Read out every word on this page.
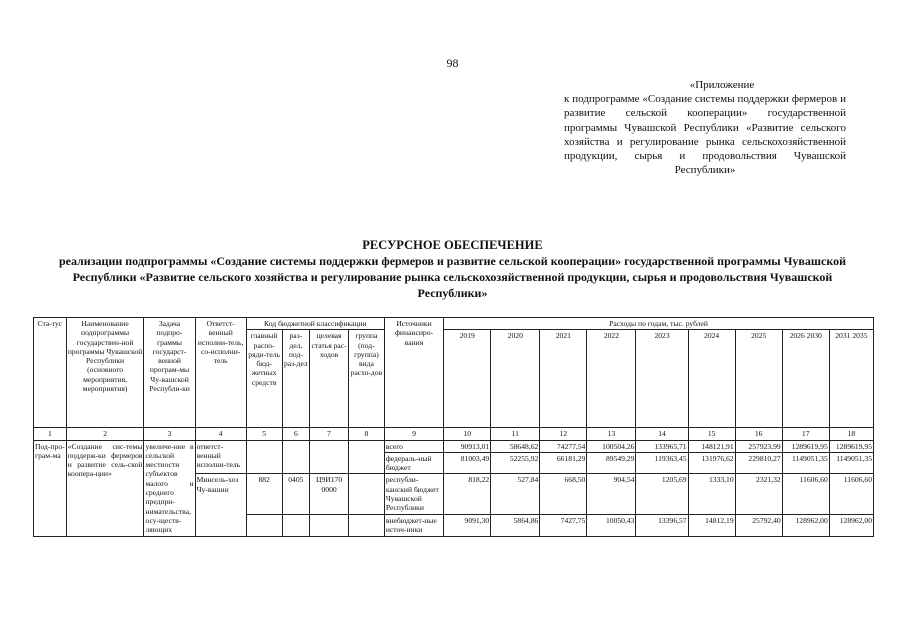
98
«Приложение
к подпрограмме «Создание системы поддержки фермеров и развитие сельской кооперации» государственной программы Чувашской Республики «Развитие сельского хозяйства и регулирование рынка сельскохозяйственной продукции, сырья и продовольствия Чувашской Республики»
РЕСУРСНОЕ ОБЕСПЕЧЕНИЕ
реализации подпрограммы «Создание системы поддержки фермеров и развитие сельской кооперации» государственной программы Чувашской Республики «Развитие сельского хозяйства и регулирование рынка сельскохозяйственной продукции, сырья и продовольствия Чувашской Республики»
Ста-тус	Наименование подпрограммы государствен-ной программы Чувашской Республики (основного мероприятия, мероприятия)	Задача подпро-граммы государст-венной програм-мы Чу-вашской Республи-ки	Ответст-венный исполни-тель, со-исполни-тель	Код бюджетной классификации				Источники финансиро-вания	Расходы по годам, тыс. рублей								
				главный распо-ряди-тель бюд-жетных средств	раз-дел, под-раз-дел	целевая статья рас-ходов	группа (под-группа) вида расхо-дов		2019	2020	2021	2022	2023	2024	2025	2026 2030	2031 2035
1	2	3	4	5	6	7	8	9	10	11	12	13	14	15	16	17	18
Под-про-грам-ма	«Создание сис-темы поддерж-ки фермеров и развитие сель-ской коопера-ции»	увеличе-ние в сельской местности субъектов малого и среднего предпри-нимательства, осу-ществ-ляющих	ответст-венный исполни-тель					всего	90913,01	58648,62	74277,54	100504,26	133965,71	148121,91	257923,99	1289619,95	1289619,95
								федераль-ный бюджет	81003,49	52255,92	66181,29	89549,29	119363,45	131976,62	229810,27	1149051,35	1149051,35
			Минсель-хоз Чу-вашии	882	0405	Ц9И170 0000		республи-канский бюджет Чувашской Республики	818,22	527,84	668,50	904,54	1205,69	1333,10	2321,32	11606,60	11606,60
								внебюджет-ные источ-ники	9091,30	5864,86	7427,75	10050,43	13396,57	14812,19	25792,40	128962,00	128962,00
